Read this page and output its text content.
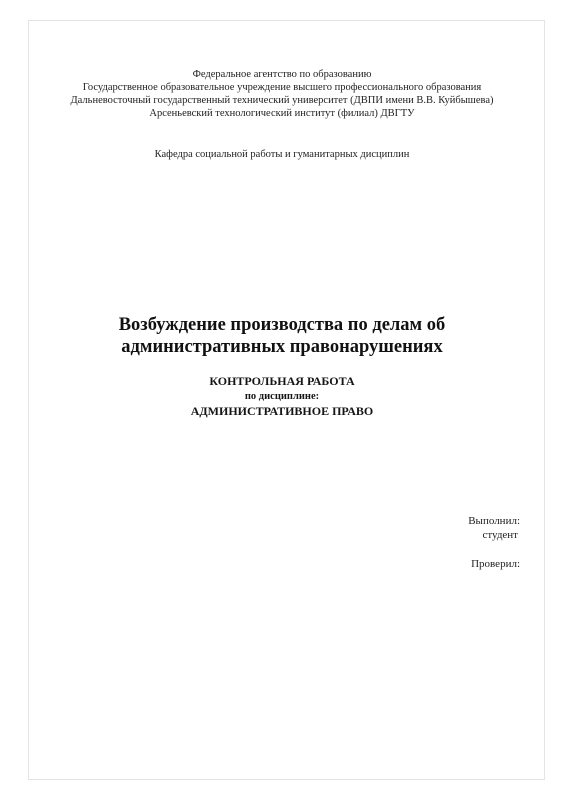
Федеральное агентство по образованию
Государственное образовательное учреждение высшего профессионального образования
Дальневосточный государственный технический университет (ДВПИ имени В.В. Куйбышева)
Арсеньевский технологический институт (филиал) ДВГТУ
Кафедра социальной работы и гуманитарных дисциплин
Возбуждение производства по делам об
административных правонарушениях
КОНТРОЛЬНАЯ РАБОТА
по дисциплине:
АДМИНИСТРАТИВНОЕ ПРАВО
Выполнил:
студент
Проверил:
